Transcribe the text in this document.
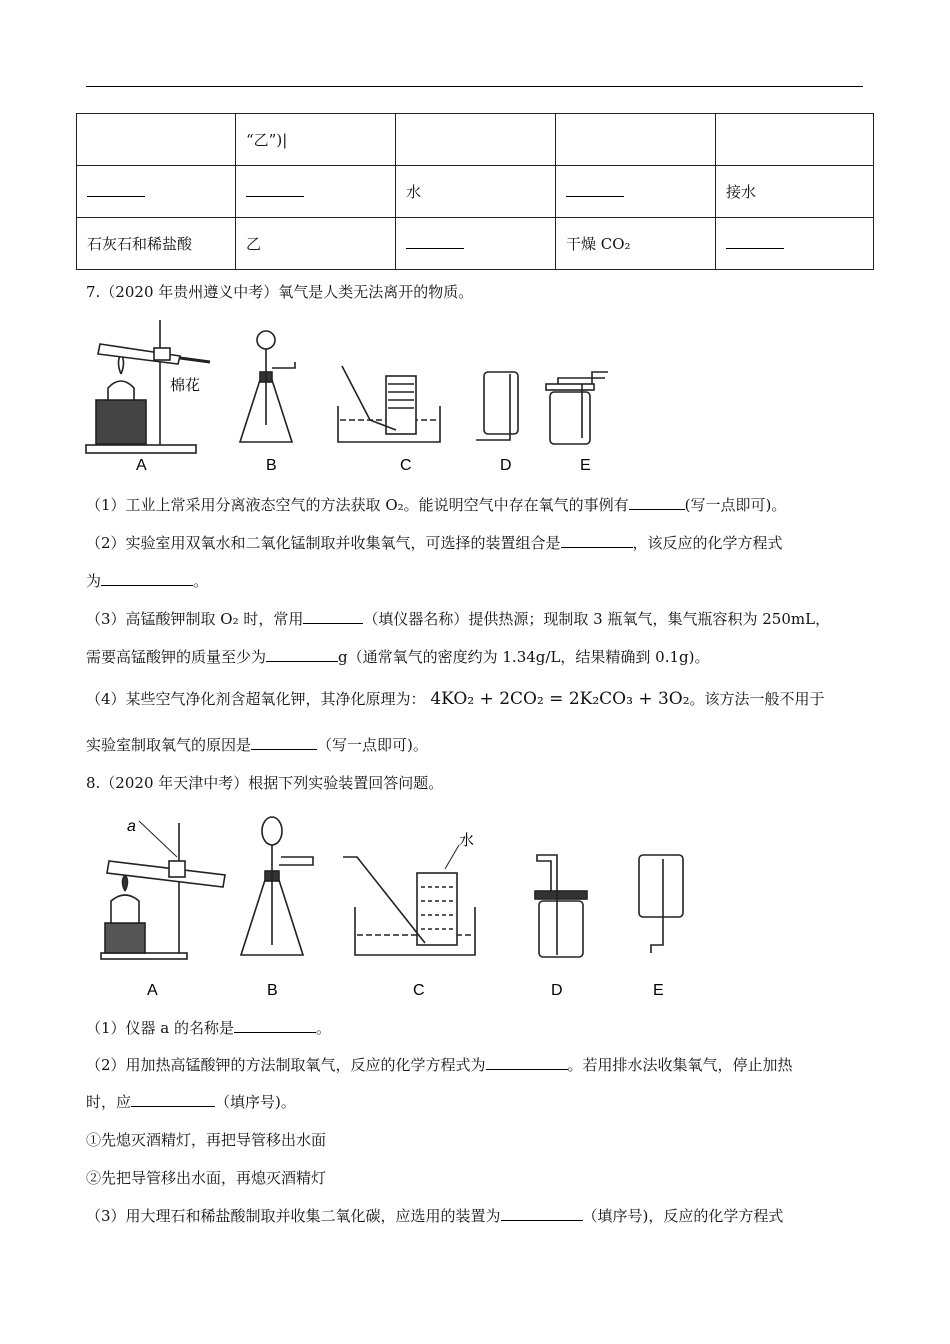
	“乙”)|			
		水		接水
石灰石和稀盐酸	乙		干燥 CO₂	
7.（2020 年贵州遵义中考）氧气是人类无法离开的物质。
棉花
A	B	C	D	E
（1）工业上常采用分离液态空气的方法获取 O₂。能说明空气中存在氧气的事例有	(写一点即可)。
（2）实验室用双氧水和二氧化锰制取并收集氧气，可选择的装置组合是	，该反应的化学方程式
为	。
（3）高锰酸钾制取 O₂ 时，常用	（填仪器名称）提供热源；现制取 3 瓶氧气，集气瓶容积为 250mL，
需要高锰酸钾的质量至少为	g（通常氧气的密度约为 1.34g/L，结果精确到 0.1g)。
（4）某些空气净化剂含超氧化钾，其净化原理为： 4KO₂ + 2CO₂ = 2K₂CO₃ + 3O₂。该方法一般不用于
实验室制取氧气的原因是	（写一点即可)。
8.（2020 年天津中考）根据下列实验装置回答问题。
a
水
A	B	C	D	E
（1）仪器 a 的名称是	。
（2）用加热高锰酸钾的方法制取氧气，反应的化学方程式为	。若用排水法收集氧气，停止加热
时，应	（填序号)。
①先熄灭酒精灯，再把导管移出水面
②先把导管移出水面，再熄灭酒精灯
（3）用大理石和稀盐酸制取并收集二氧化碳，应选用的装置为	（填序号)，反应的化学方程式
